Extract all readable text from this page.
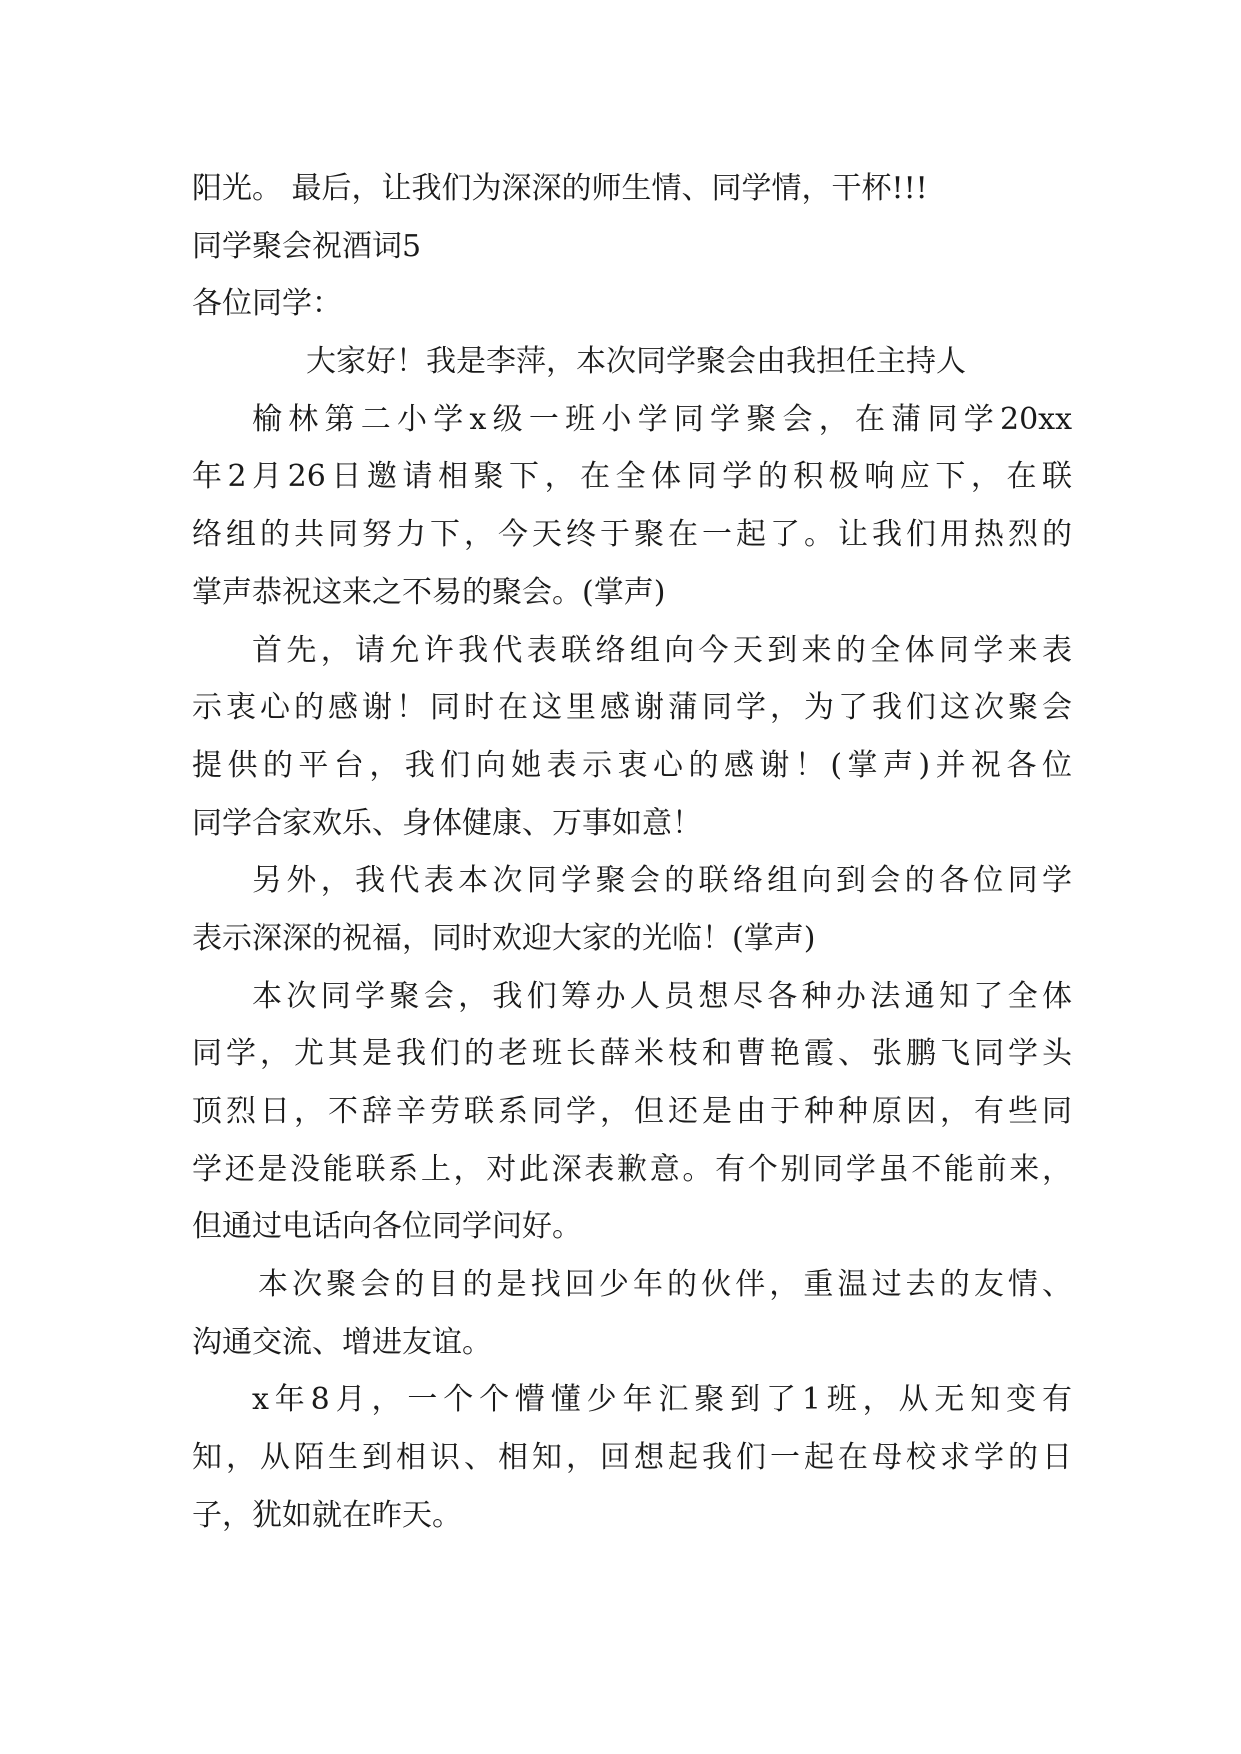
阳光。 最后，让我们为深深的师生情、同学情，干杯!!!
同学聚会祝酒词5
各位同学：
大家好！我是李萍，本次同学聚会由我担任主持人
榆林第二小学x级一班小学同学聚会，在蒲同学20xx
年2月26日邀请相聚下，在全体同学的积极响应下，在联
络组的共同努力下，今天终于聚在一起了。让我们用热烈的
掌声恭祝这来之不易的聚会。(掌声)
首先，请允许我代表联络组向今天到来的全体同学来表
示衷心的感谢！同时在这里感谢蒲同学，为了我们这次聚会
提供的平台，我们向她表示衷心的感谢！(掌声)并祝各位
同学合家欢乐、身体健康、万事如意！
另外，我代表本次同学聚会的联络组向到会的各位同学
表示深深的祝福，同时欢迎大家的光临！(掌声)
本次同学聚会，我们筹办人员想尽各种办法通知了全体
同学，尤其是我们的老班长薛米枝和曹艳霞、张鹏飞同学头
顶烈日，不辞辛劳联系同学，但还是由于种种原因，有些同
学还是没能联系上，对此深表歉意。有个别同学虽不能前来，
但通过电话向各位同学问好。
本次聚会的目的是找回少年的伙伴，重温过去的友情、
沟通交流、增进友谊。
x年8月，一个个懵懂少年汇聚到了1班，从无知变有
知，从陌生到相识、相知，回想起我们一起在母校求学的日
子，犹如就在昨天。
